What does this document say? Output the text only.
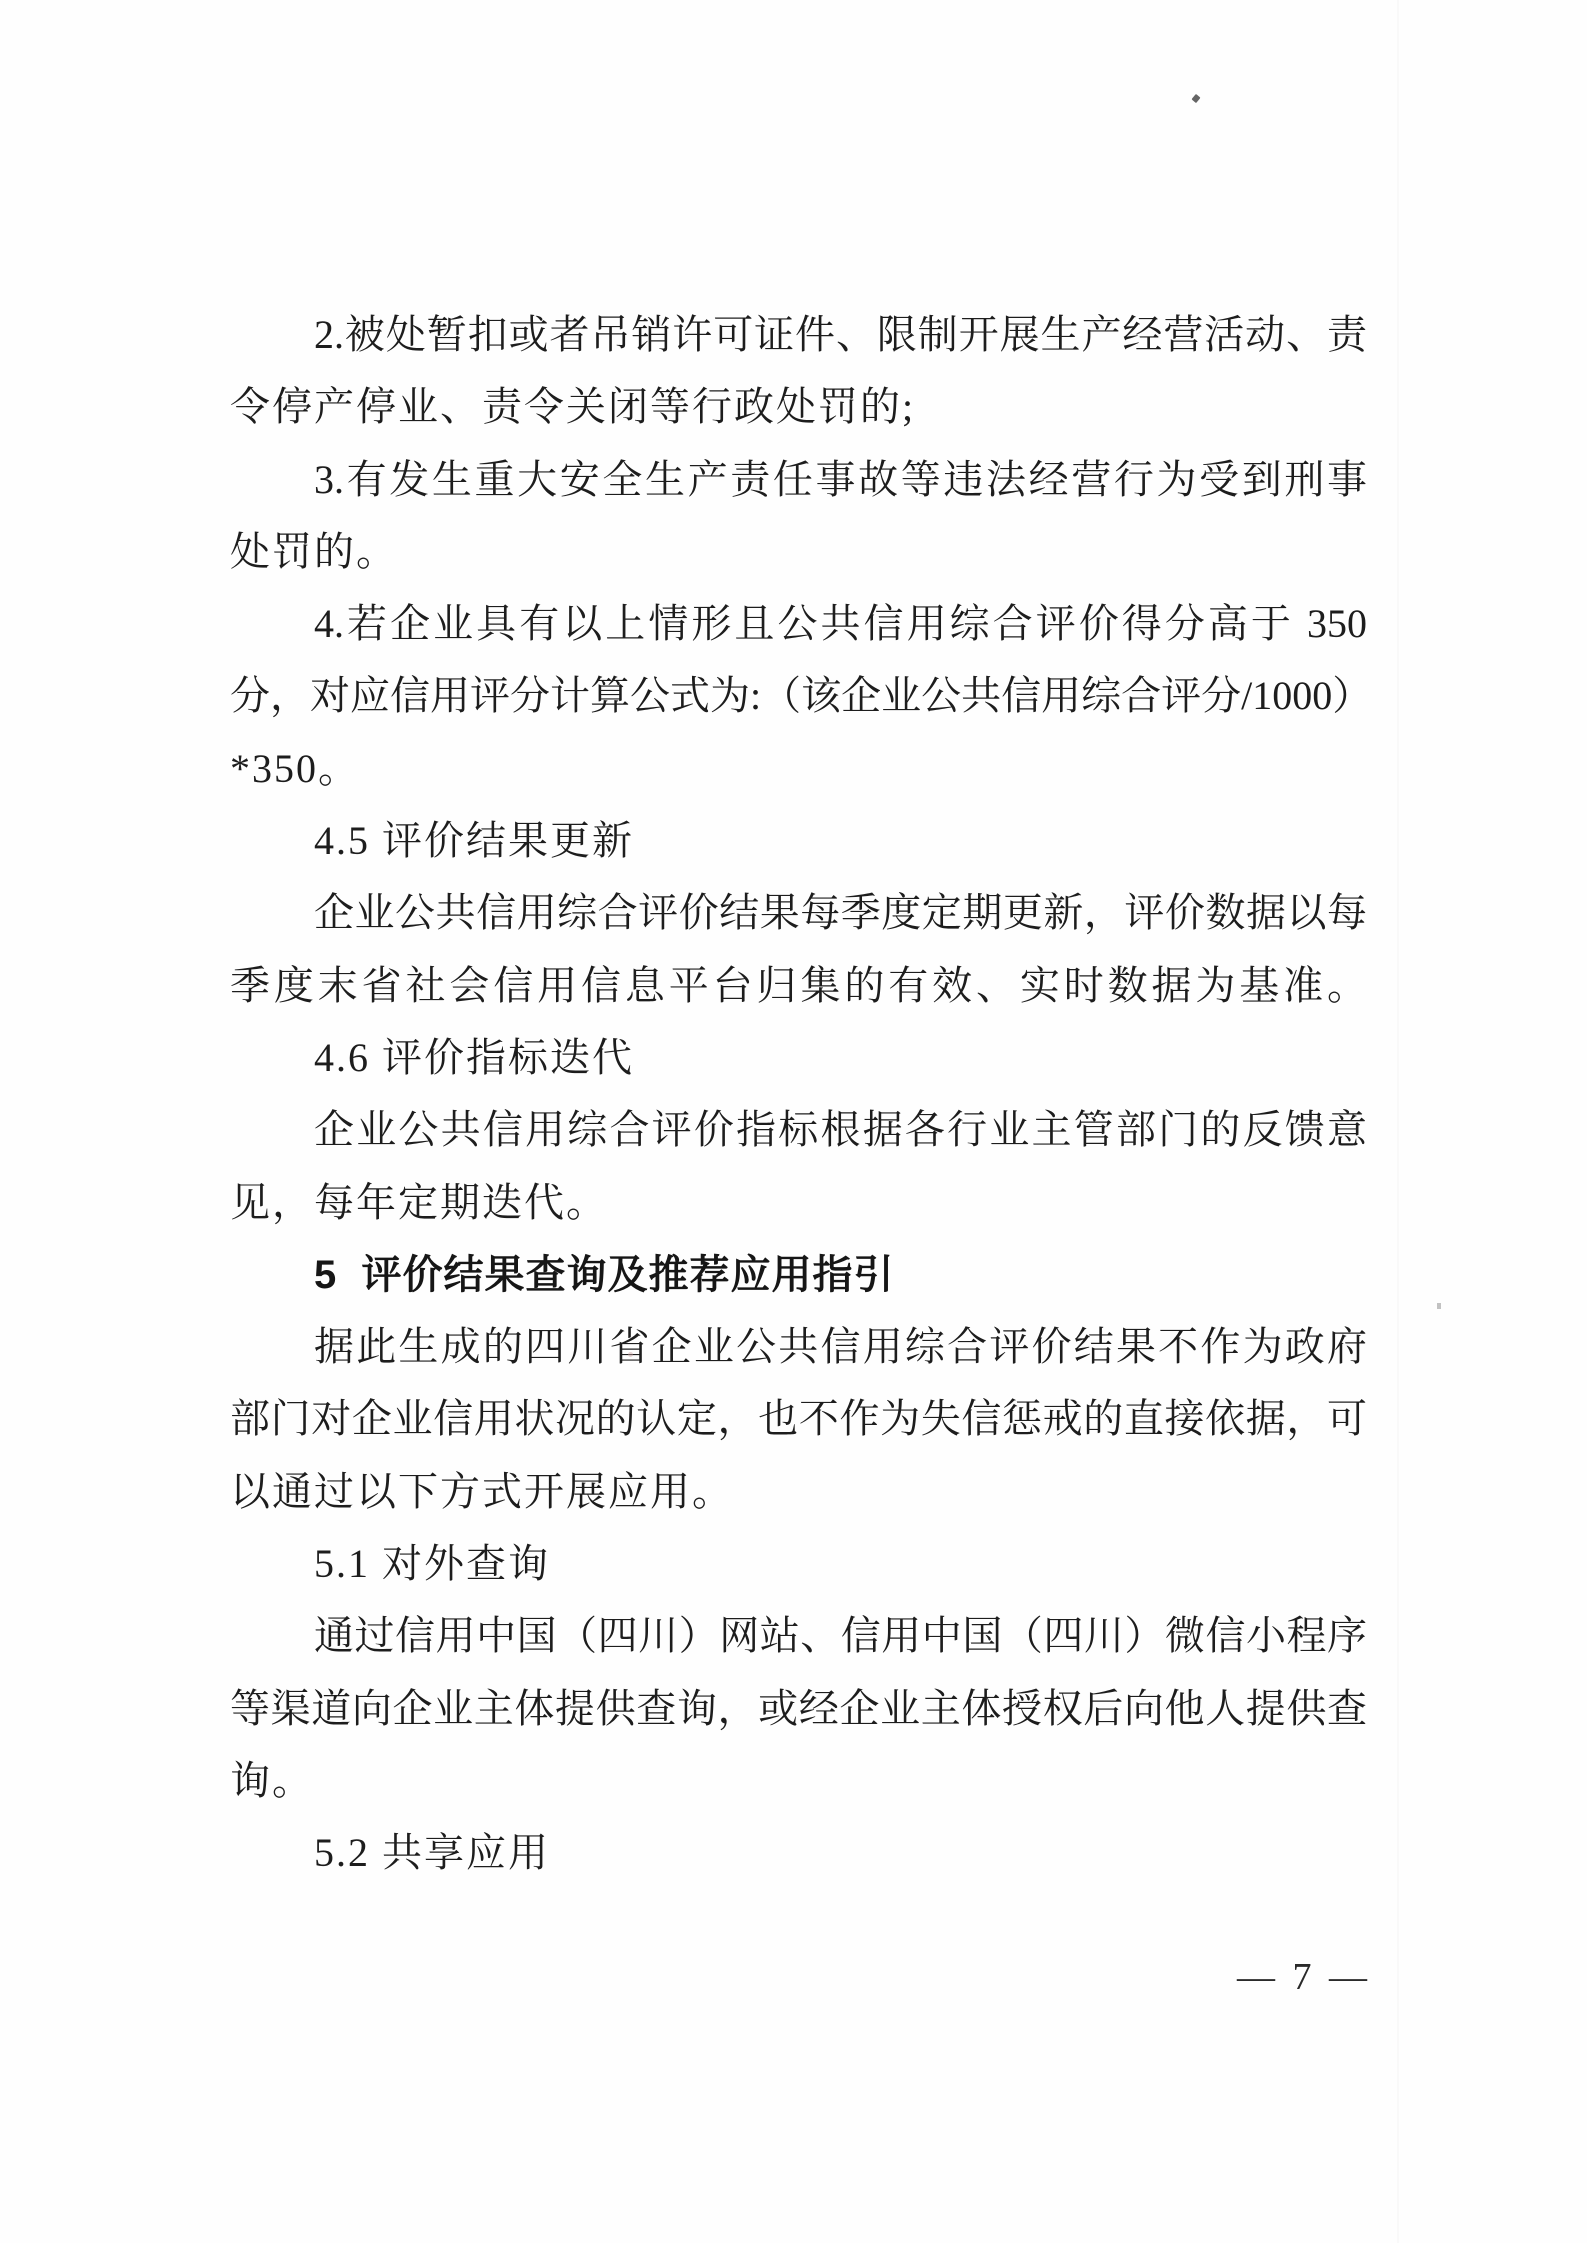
2.被处暂扣或者吊销许可证件、限制开展生产经营活动、责
令停产停业、责令关闭等行政处罚的;
3.有发生重大安全生产责任事故等违法经营行为受到刑事
处罚的。
4.若企业具有以上情形且公共信用综合评价得分高于 350
分，对应信用评分计算公式为:（该企业公共信用综合评分/1000）
*350。
4.5 评价结果更新
企业公共信用综合评价结果每季度定期更新，评价数据以每
季度末省社会信用信息平台归集的有效、实时数据为基准。
4.6 评价指标迭代
企业公共信用综合评价指标根据各行业主管部门的反馈意
见，每年定期迭代。
5  评价结果查询及推荐应用指引
据此生成的四川省企业公共信用综合评价结果不作为政府
部门对企业信用状况的认定，也不作为失信惩戒的直接依据，可
以通过以下方式开展应用。
5.1 对外查询
通过信用中国（四川）网站、信用中国（四川）微信小程序
等渠道向企业主体提供查询，或经企业主体授权后向他人提供查
询。
5.2 共享应用
— 7 —
